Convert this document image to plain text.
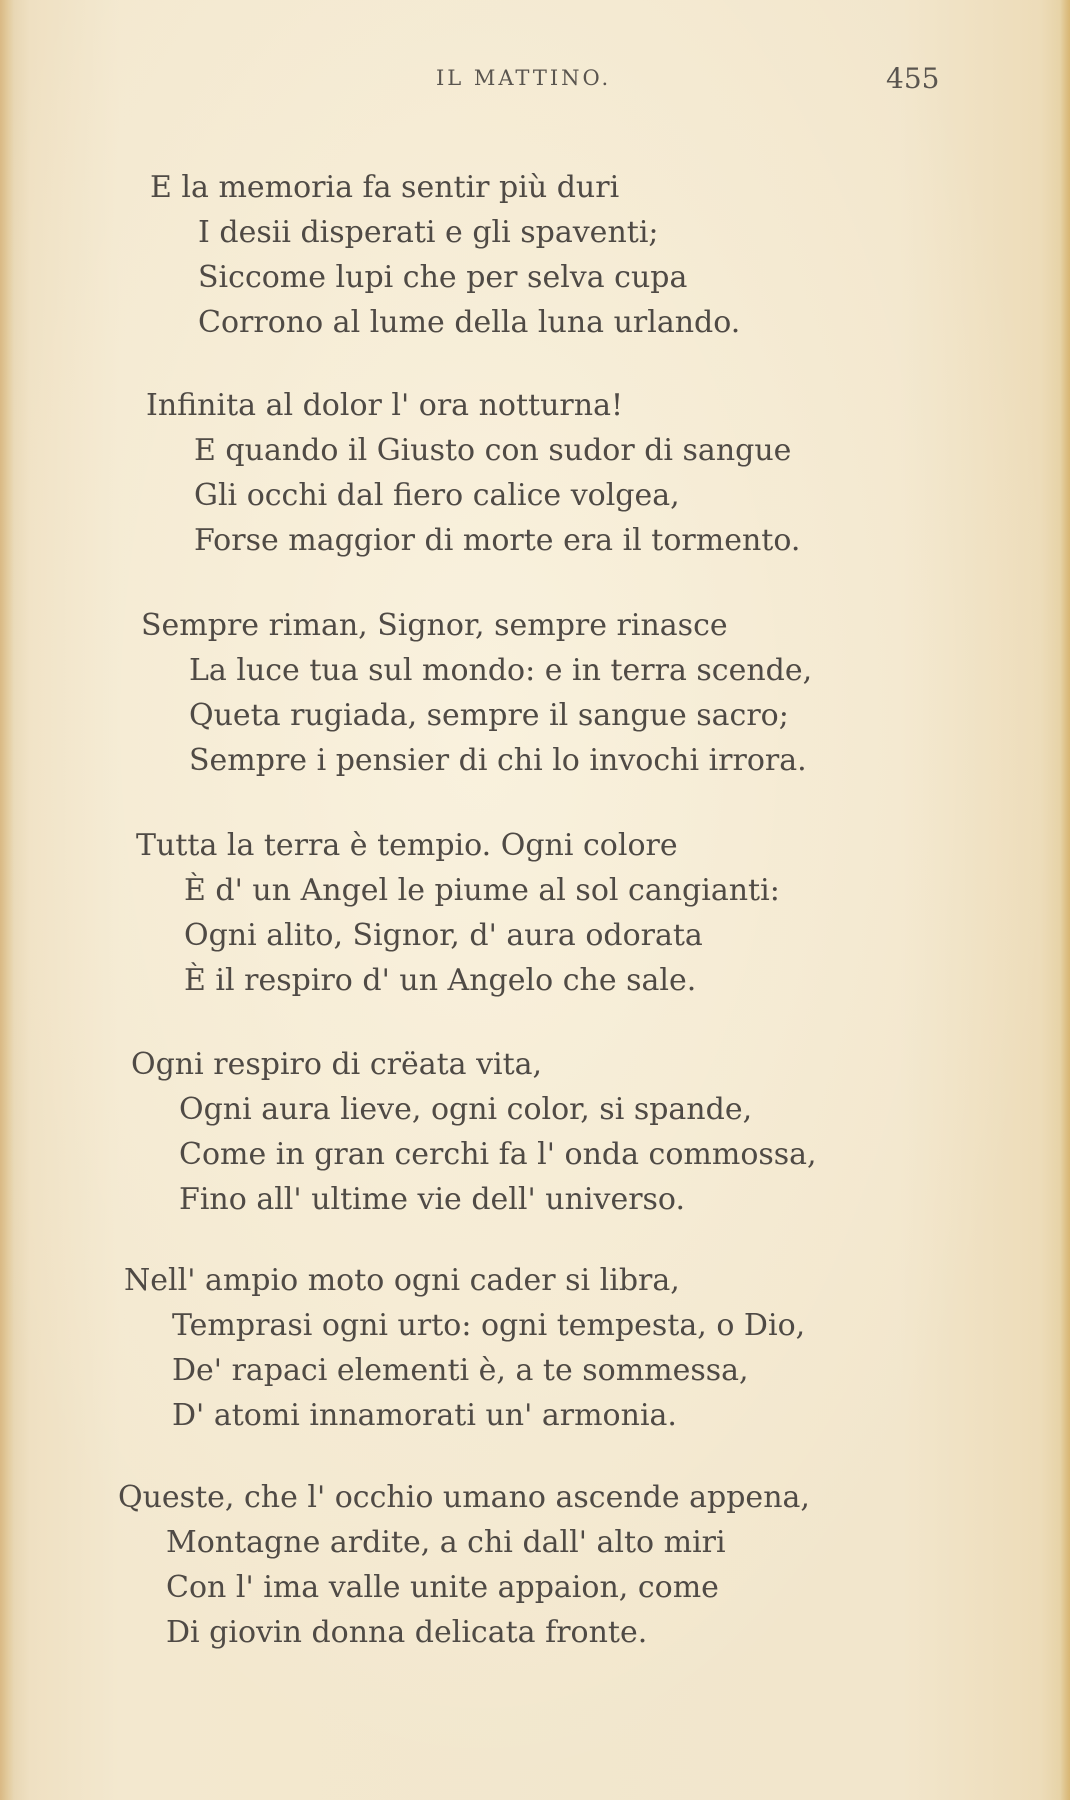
IL MATTINO.	455
E la memoria fa sentir più duri
I desii disperati e gli spaventi;
Siccome lupi che per selva cupa
Corrono al lume della luna urlando.
Infinita al dolor l' ora notturna!
E quando il Giusto con sudor di sangue
Gli occhi dal fiero calice volgea,
Forse maggior di morte era il tormento.
Sempre riman, Signor, sempre rinasce
La luce tua sul mondo: e in terra scende,
Queta rugiada, sempre il sangue sacro;
Sempre i pensier di chi lo invochi irrora.
Tutta la terra è tempio. Ogni colore
È d' un Angel le piume al sol cangianti:
Ogni alito, Signor, d' aura odorata
È il respiro d' un Angelo che sale.
Ogni respiro di crëata vita,
Ogni aura lieve, ogni color, si spande,
Come in gran cerchi fa l' onda commossa,
Fino all' ultime vie dell' universo.
Nell' ampio moto ogni cader si libra,
Temprasi ogni urto: ogni tempesta, o Dio,
De' rapaci elementi è, a te sommessa,
D' atomi innamorati un' armonia.
Queste, che l' occhio umano ascende appena,
Montagne ardite, a chi dall' alto miri
Con l' ima valle unite appaion, come
Di giovin donna delicata fronte.
